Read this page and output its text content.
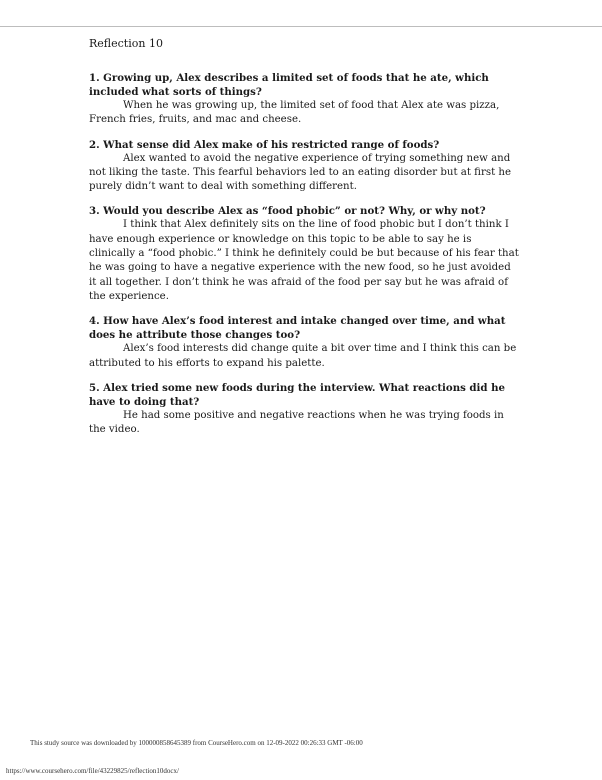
Reflection 10

1. Growing up, Alex describes a limited set of foods that he ate, which included what sorts of things?

When he was growing up, the limited set of food that Alex ate was pizza, French fries, fruits, and mac and cheese.

2. What sense did Alex make of his restricted range of foods?

Alex wanted to avoid the negative experience of trying something new and not liking the taste. This fearful behaviors led to an eating disorder but at first he purely didn’t want to deal with something different.

3. Would you describe Alex as “food phobic” or not? Why, or why not?

I think that Alex definitely sits on the line of food phobic but I don’t think I have enough experience or knowledge on this topic to be able to say he is clinically a “food phobic.” I think he definitely could be but because of his fear that he was going to have a negative experience with the new food, so he just avoided it all together. I don’t think he was afraid of the food per say but he was afraid of the experience.

4. How have Alex’s food interest and intake changed over time, and what does he attribute those changes too?

Alex’s food interests did change quite a bit over time and I think this can be attributed to his efforts to expand his palette.

5. Alex tried some new foods during the interview. What reactions did he have to doing that?

He had some positive and negative reactions when he was trying foods in the video.

This study source was downloaded by 100000858645389 from CourseHero.com on 12-09-2022 00:26:33 GMT -06:00
https://www.coursehero.com/file/43229825/reflection10docx/
